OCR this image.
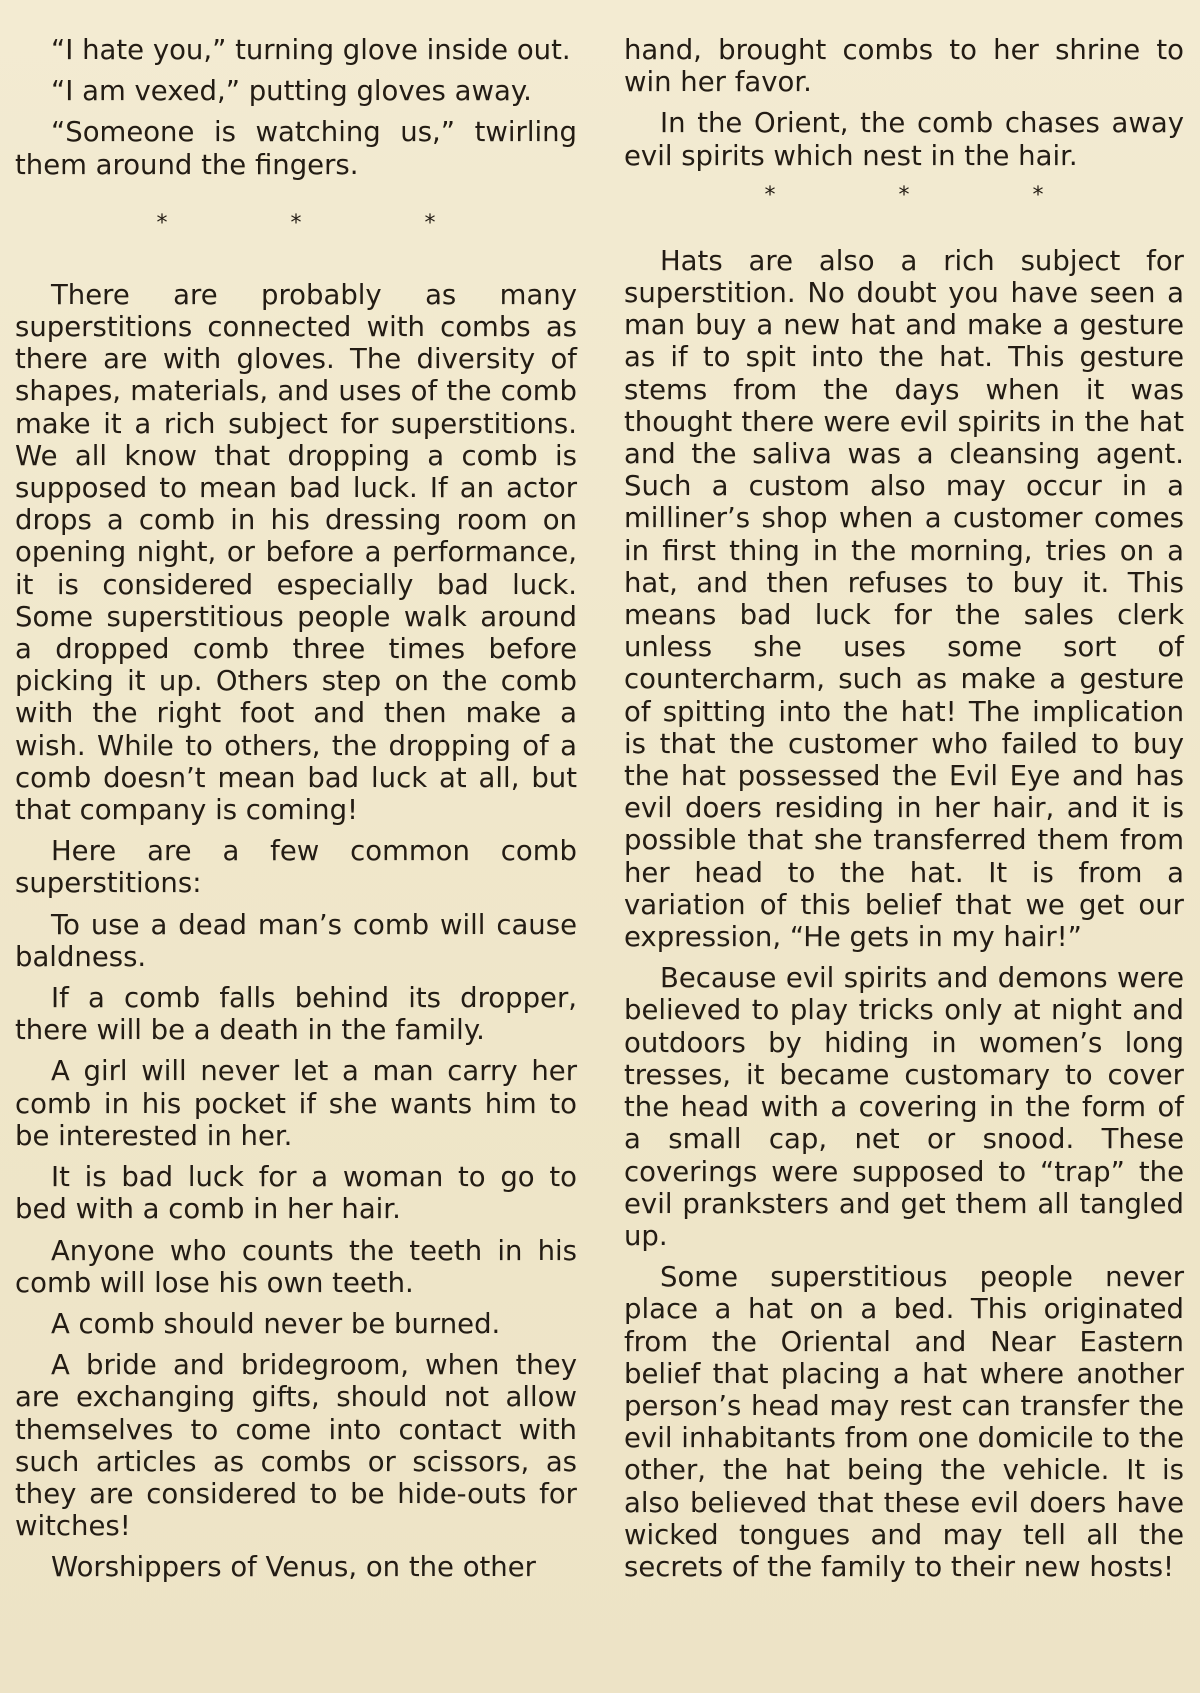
“I hate you,” turning glove inside out.

“I am vexed,” putting gloves away.

“Someone is watching us,” twirling them around the fingers.

* * *

There are probably as many superstitions connected with combs as there are with gloves. The diversity of shapes, materials, and uses of the comb make it a rich subject for superstitions. We all know that dropping a comb is supposed to mean bad luck. If an actor drops a comb in his dressing room on opening night, or before a performance, it is considered especially bad luck. Some superstitious people walk around a dropped comb three times before picking it up. Others step on the comb with the right foot and then make a wish. While to others, the dropping of a comb doesn’t mean bad luck at all, but that company is coming!

Here are a few common comb superstitions:

To use a dead man’s comb will cause baldness.

If a comb falls behind its dropper, there will be a death in the family.

A girl will never let a man carry her comb in his pocket if she wants him to be interested in her.

It is bad luck for a woman to go to bed with a comb in her hair.

Anyone who counts the teeth in his comb will lose his own teeth.

A comb should never be burned.

A bride and bridegroom, when they are exchanging gifts, should not allow themselves to come into contact with such articles as combs or scissors, as they are considered to be hide-outs for witches!

Worshippers of Venus, on the other

hand, brought combs to her shrine to win her favor.

In the Orient, the comb chases away evil spirits which nest in the hair.

* * *

Hats are also a rich subject for superstition. No doubt you have seen a man buy a new hat and make a gesture as if to spit into the hat. This gesture stems from the days when it was thought there were evil spirits in the hat and the saliva was a cleansing agent. Such a custom also may occur in a milliner’s shop when a customer comes in first thing in the morning, tries on a hat, and then refuses to buy it. This means bad luck for the sales clerk unless she uses some sort of countercharm, such as make a gesture of spitting into the hat! The implication is that the customer who failed to buy the hat possessed the Evil Eye and has evil doers residing in her hair, and it is possible that she transferred them from her head to the hat. It is from a variation of this belief that we get our expression, “He gets in my hair!”

Because evil spirits and demons were believed to play tricks only at night and outdoors by hiding in women’s long tresses, it became customary to cover the head with a covering in the form of a small cap, net or snood. These coverings were supposed to “trap” the evil pranksters and get them all tangled up.

Some superstitious people never place a hat on a bed. This originated from the Oriental and Near Eastern belief that placing a hat where another person’s head may rest can transfer the evil inhabitants from one domicile to the other, the hat being the vehicle. It is also believed that these evil doers have wicked tongues and may tell all the secrets of the family to their new hosts!
